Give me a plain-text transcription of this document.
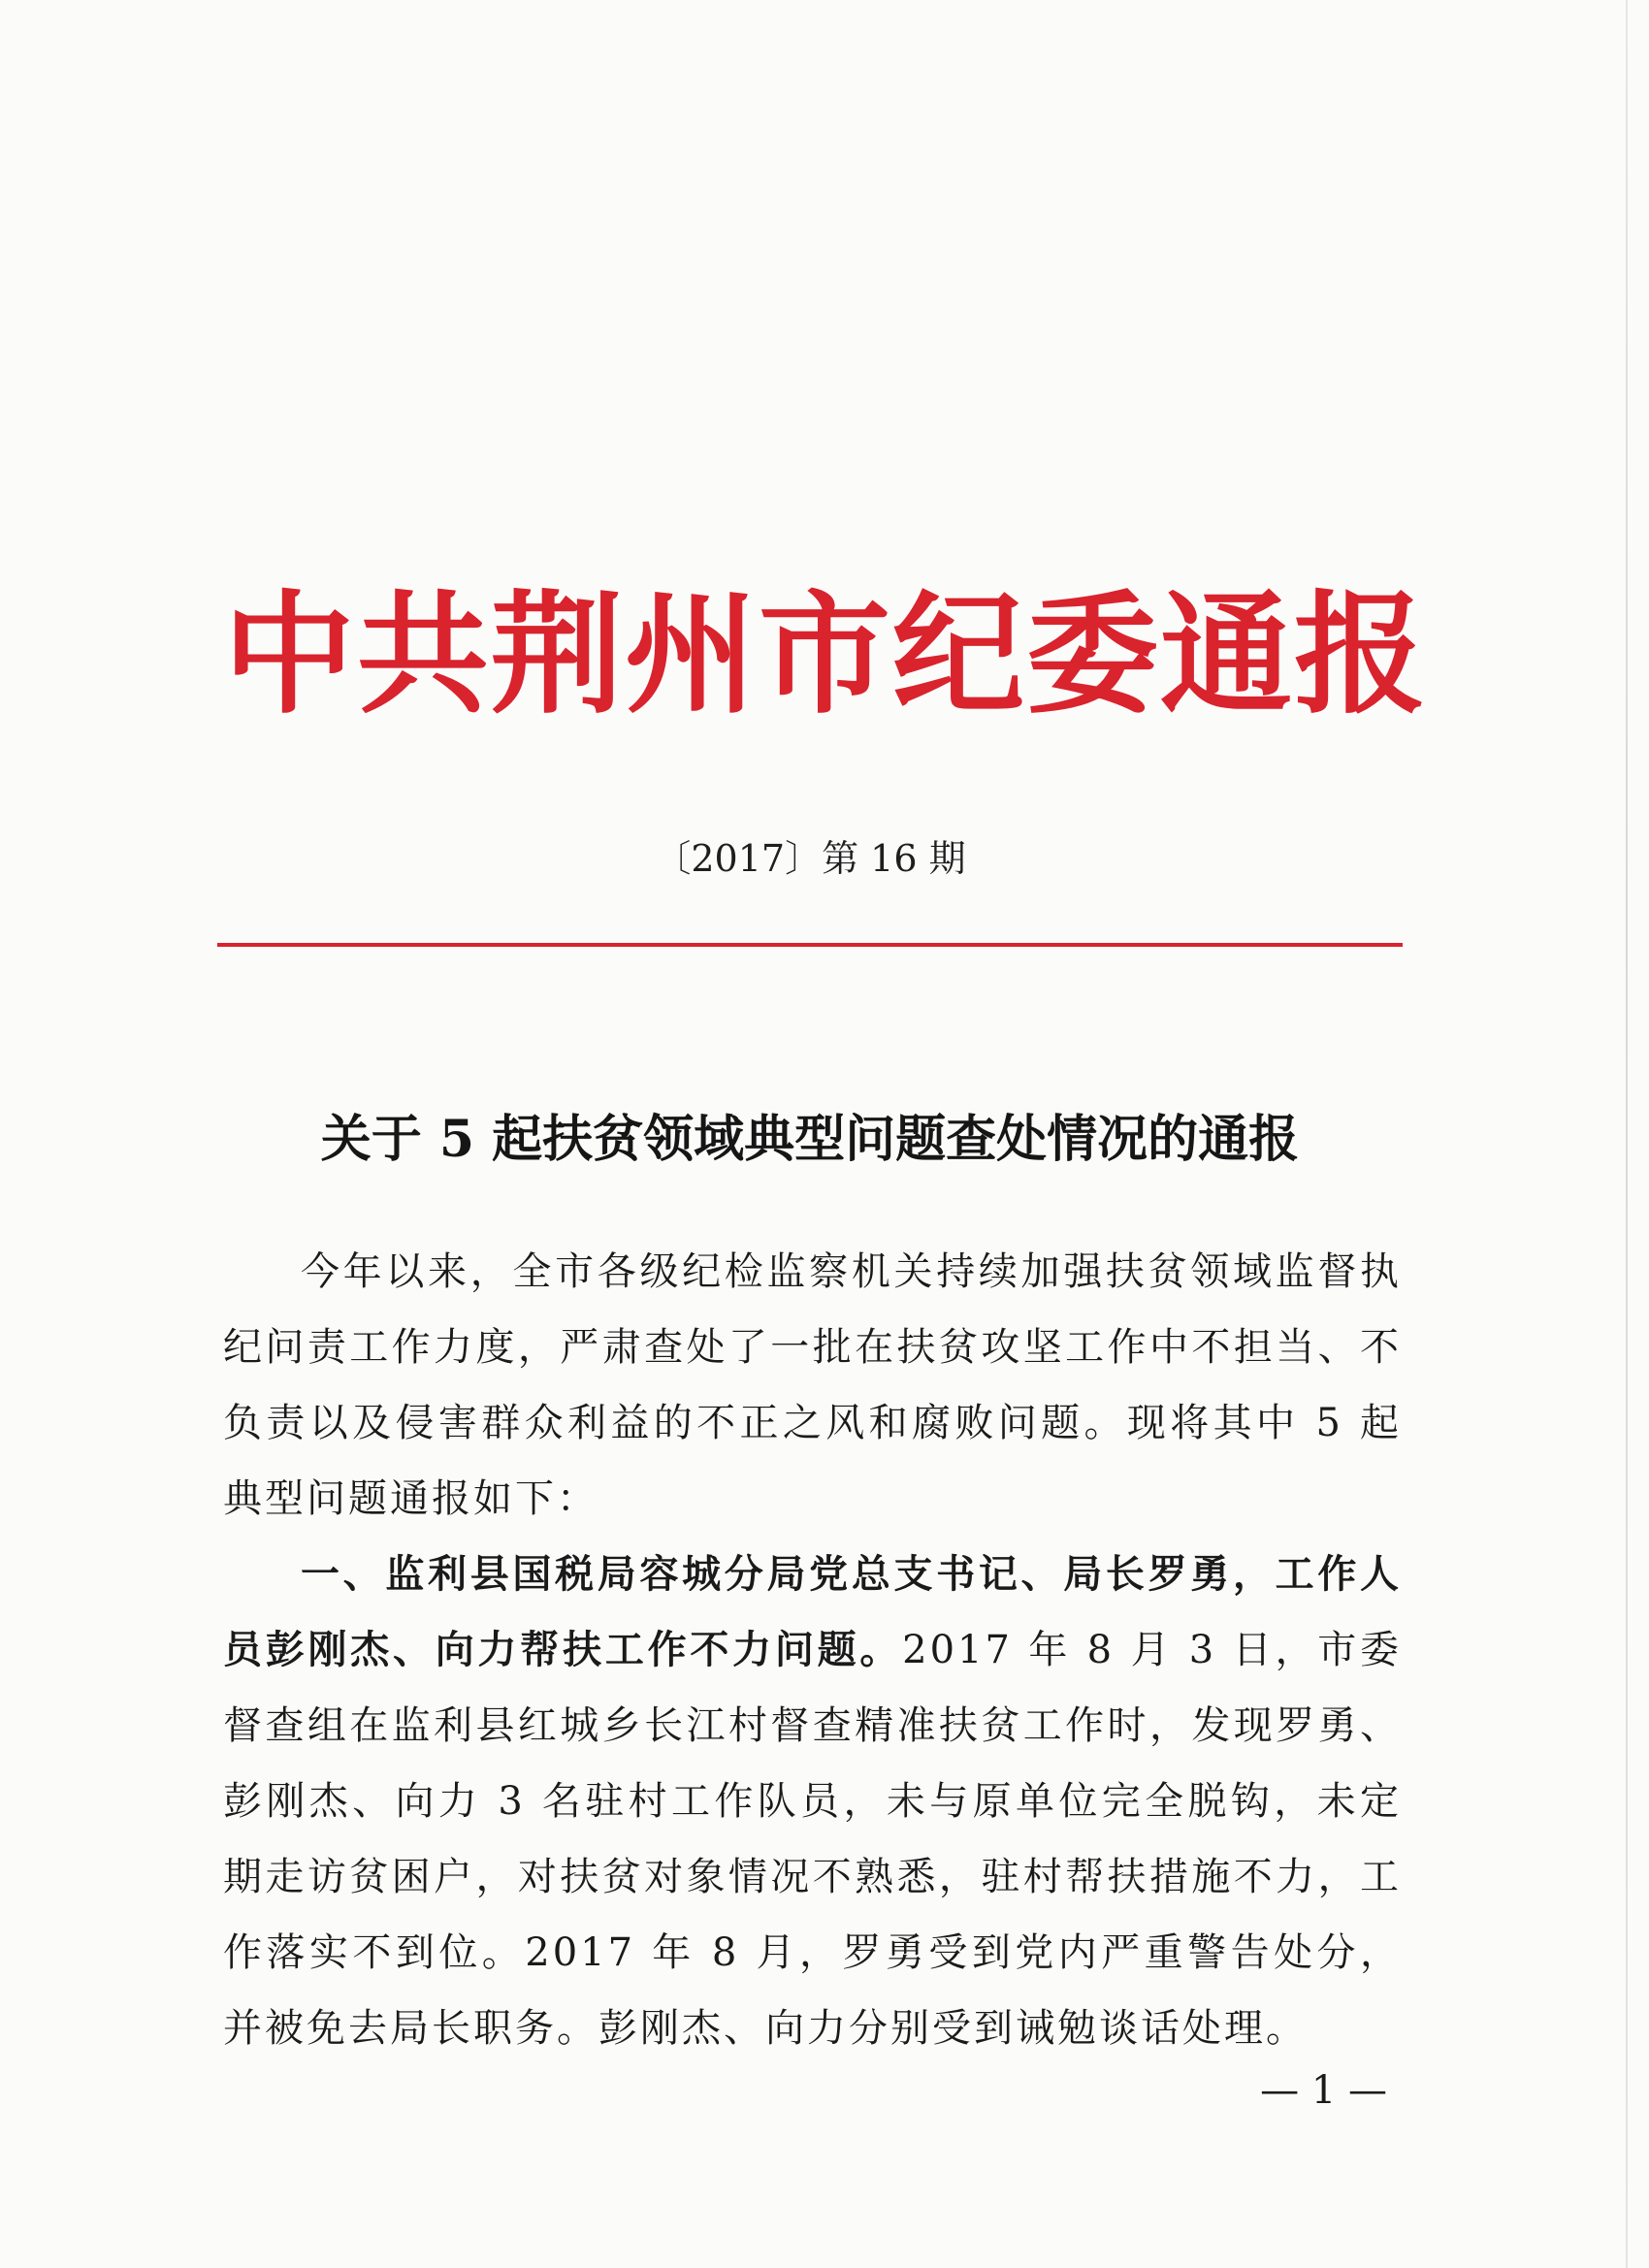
中共荆州市纪委通报
〔2017〕第 16 期
关于 5 起扶贫领域典型问题查处情况的通报

今年以来，全市各级纪检监察机关持续加强扶贫领域监督执纪问责工作力度，严肃查处了一批在扶贫攻坚工作中不担当、不负责以及侵害群众利益的不正之风和腐败问题。现将其中 5 起典型问题通报如下：

一、监利县国税局容城分局党总支书记、局长罗勇，工作人员彭刚杰、向力帮扶工作不力问题。2017 年 8 月 3 日，市委督查组在监利县红城乡长江村督查精准扶贫工作时，发现罗勇、彭刚杰、向力 3 名驻村工作队员，未与原单位完全脱钩，未定期走访贫困户，对扶贫对象情况不熟悉，驻村帮扶措施不力，工作落实不到位。2017 年 8 月，罗勇受到党内严重警告处分，并被免去局长职务。彭刚杰、向力分别受到诫勉谈话处理。

— 1 —
